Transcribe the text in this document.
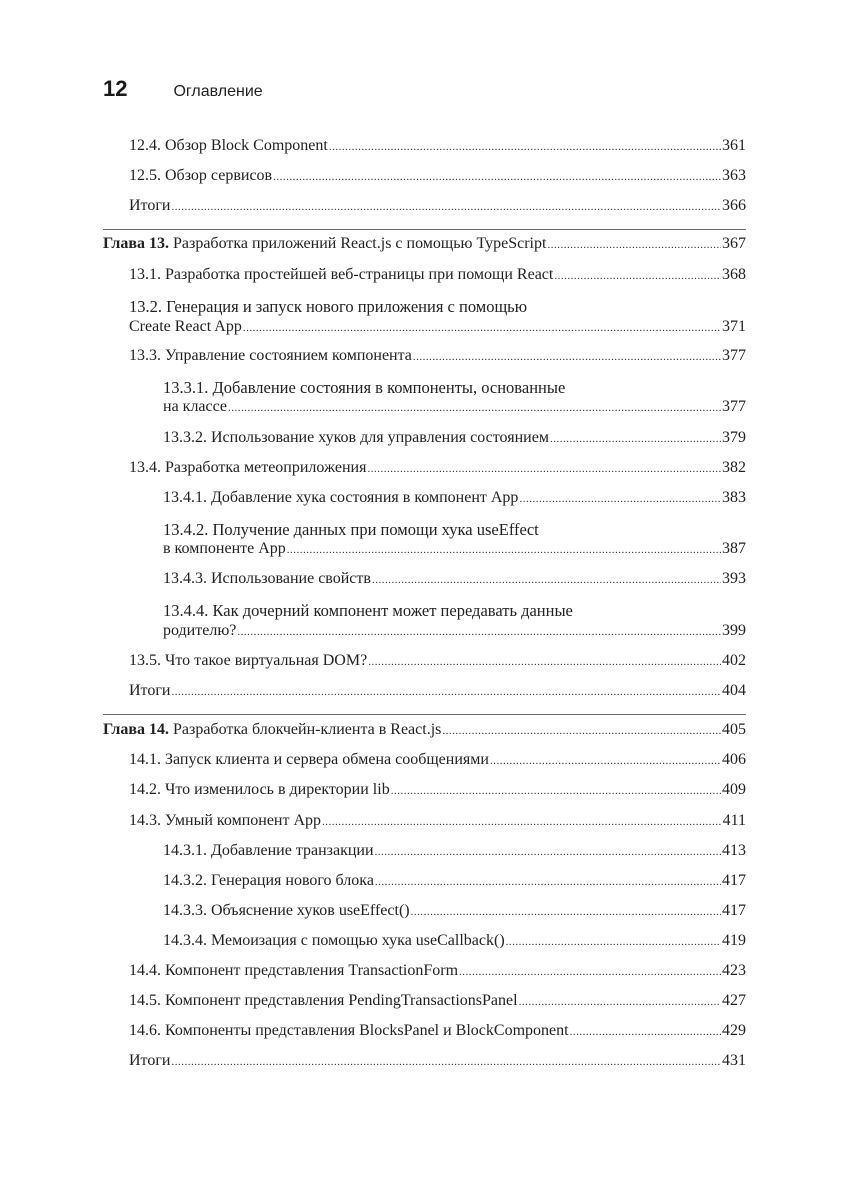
12	Оглавление
12.4. Обзор Block Component .....	361
12.5. Обзор сервисов .....	363
Итоги .....	366
Глава 13. Разработка приложений React.js с помощью TypeScript .....	367
13.1. Разработка простейшей веб-страницы при помощи React .....	368
13.2. Генерация и запуск нового приложения с помощью
Create React App .....	371
13.3. Управление состоянием компонента .....	377
13.3.1. Добавление состояния в компоненты, основанные
на классе .....	377
13.3.2. Использование хуков для управления состоянием .....	379
13.4. Разработка метеоприложения .....	382
13.4.1. Добавление хука состояния в компонент App .....	383
13.4.2. Получение данных при помощи хука useEffect
в компоненте App .....	387
13.4.3. Использование свойств .....	393
13.4.4. Как дочерний компонент может передавать данные
родителю? .....	399
13.5. Что такое виртуальная DOM? .....	402
Итоги .....	404
Глава 14. Разработка блокчейн-клиента в React.js .....	405
14.1. Запуск клиента и сервера обмена сообщениями .....	406
14.2. Что изменилось в директории lib .....	409
14.3. Умный компонент App .....	411
14.3.1. Добавление транзакции .....	413
14.3.2. Генерация нового блока .....	417
14.3.3. Объяснение хуков useEffect() .....	417
14.3.4. Мемоизация с помощью хука useCallback() .....	419
14.4. Компонент представления TransactionForm .....	423
14.5. Компонент представления PendingTransactionsPanel .....	427
14.6. Компоненты представления BlocksPanel и BlockComponent .....	429
Итоги .....	431
